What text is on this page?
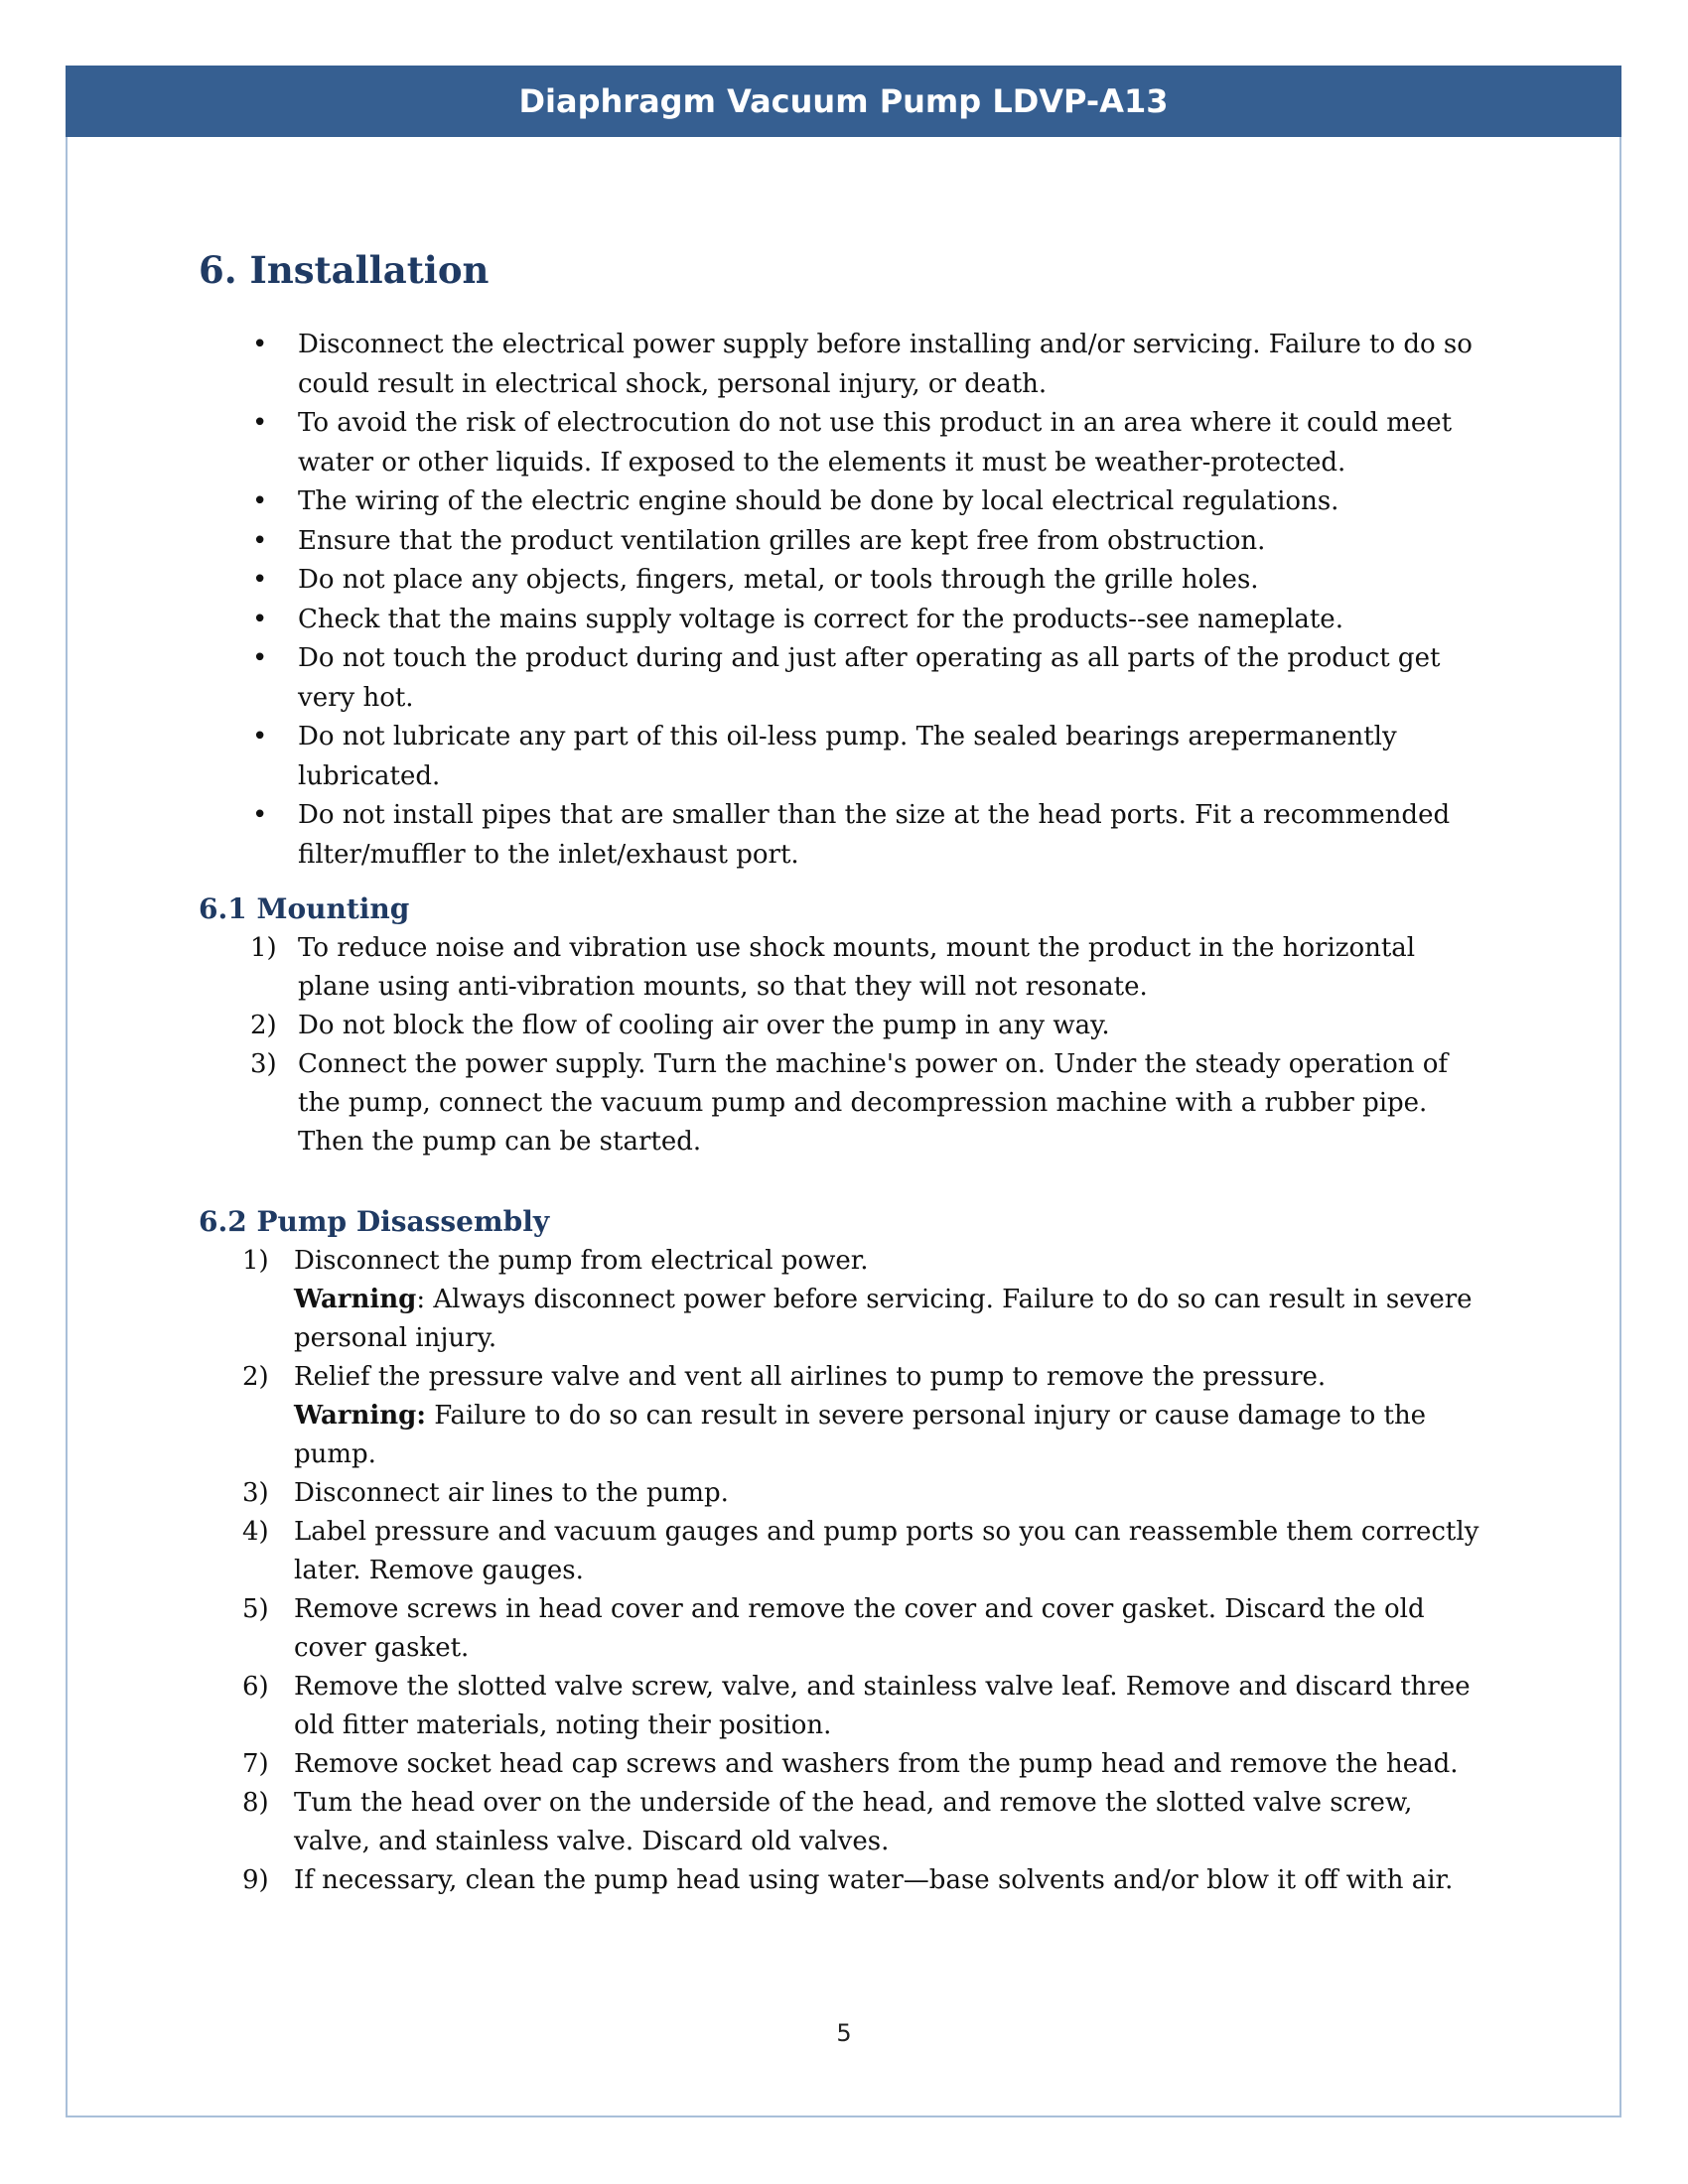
Diaphragm Vacuum Pump LDVP-A13
6. Installation
• Disconnect the electrical power supply before installing and/or servicing. Failure to do so could result in electrical shock, personal injury, or death.
• To avoid the risk of electrocution do not use this product in an area where it could meet water or other liquids. If exposed to the elements it must be weather-protected.
• The wiring of the electric engine should be done by local electrical regulations.
• Ensure that the product ventilation grilles are kept free from obstruction.
• Do not place any objects, fingers, metal, or tools through the grille holes.
• Check that the mains supply voltage is correct for the products--see nameplate.
• Do not touch the product during and just after operating as all parts of the product get very hot.
• Do not lubricate any part of this oil-less pump. The sealed bearings arepermanently lubricated.
• Do not install pipes that are smaller than the size at the head ports. Fit a recommended filter/muffler to the inlet/exhaust port.
6.1 Mounting
1) To reduce noise and vibration use shock mounts, mount the product in the horizontal plane using anti-vibration mounts, so that they will not resonate.
2) Do not block the flow of cooling air over the pump in any way.
3) Connect the power supply. Turn the machine's power on. Under the steady operation of the pump, connect the vacuum pump and decompression machine with a rubber pipe. Then the pump can be started.
6.2 Pump Disassembly
1) Disconnect the pump from electrical power.
Warning: Always disconnect power before servicing. Failure to do so can result in severe personal injury.
2) Relief the pressure valve and vent all airlines to pump to remove the pressure.
Warning: Failure to do so can result in severe personal injury or cause damage to the pump.
3) Disconnect air lines to the pump.
4) Label pressure and vacuum gauges and pump ports so you can reassemble them correctly later. Remove gauges.
5) Remove screws in head cover and remove the cover and cover gasket. Discard the old cover gasket.
6) Remove the slotted valve screw, valve, and stainless valve leaf. Remove and discard three old fitter materials, noting their position.
7) Remove socket head cap screws and washers from the pump head and remove the head.
8) Tum the head over on the underside of the head, and remove the slotted valve screw, valve, and stainless valve. Discard old valves.
9) If necessary, clean the pump head using water—base solvents and/or blow it off with air.
5
